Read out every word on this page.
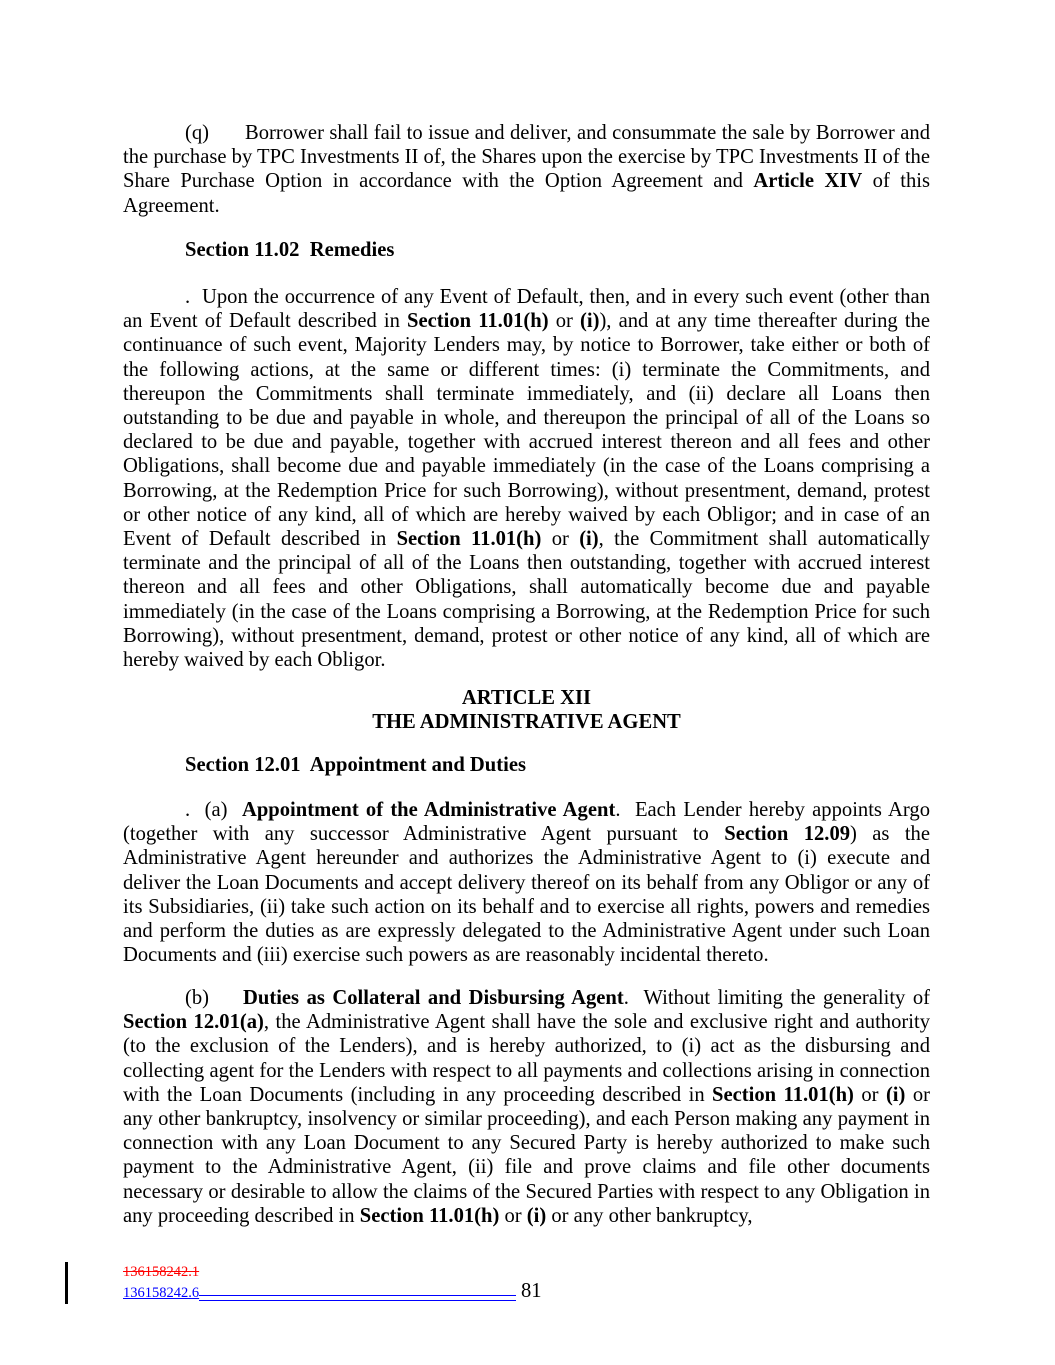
(q) Borrower shall fail to issue and deliver, and consummate the sale by Borrower and the purchase by TPC Investments II of, the Shares upon the exercise by TPC Investments II of the Share Purchase Option in accordance with the Option Agreement and Article XIV of this Agreement.
Section 11.02  Remedies
.  Upon the occurrence of any Event of Default, then, and in every such event (other than an Event of Default described in Section 11.01(h) or (i)), and at any time thereafter during the continuance of such event, Majority Lenders may, by notice to Borrower, take either or both of the following actions, at the same or different times: (i) terminate the Commitments, and thereupon the Commitments shall terminate immediately, and (ii) declare all Loans then outstanding to be due and payable in whole, and thereupon the principal of all of the Loans so declared to be due and payable, together with accrued interest thereon and all fees and other Obligations, shall become due and payable immediately (in the case of the Loans comprising a Borrowing, at the Redemption Price for such Borrowing), without presentment, demand, protest or other notice of any kind, all of which are hereby waived by each Obligor; and in case of an Event of Default described in Section 11.01(h) or (i), the Commitment shall automatically terminate and the principal of all of the Loans then outstanding, together with accrued interest thereon and all fees and other Obligations, shall automatically become due and payable immediately (in the case of the Loans comprising a Borrowing, at the Redemption Price for such Borrowing), without presentment, demand, protest or other notice of any kind, all of which are hereby waived by each Obligor.
ARTICLE XII
THE ADMINISTRATIVE AGENT
Section 12.01  Appointment and Duties
.  (a)  Appointment of the Administrative Agent.  Each Lender hereby appoints Argo (together with any successor Administrative Agent pursuant to Section 12.09) as the Administrative Agent hereunder and authorizes the Administrative Agent to (i) execute and deliver the Loan Documents and accept delivery thereof on its behalf from any Obligor or any of its Subsidiaries, (ii) take such action on its behalf and to exercise all rights, powers and remedies and perform the duties as are expressly delegated to the Administrative Agent under such Loan Documents and (iii) exercise such powers as are reasonably incidental thereto.
(b) Duties as Collateral and Disbursing Agent.  Without limiting the generality of Section 12.01(a), the Administrative Agent shall have the sole and exclusive right and authority (to the exclusion of the Lenders), and is hereby authorized, to (i) act as the disbursing and collecting agent for the Lenders with respect to all payments and collections arising in connection with the Loan Documents (including in any proceeding described in Section 11.01(h) or (i) or any other bankruptcy, insolvency or similar proceeding), and each Person making any payment in connection with any Loan Document to any Secured Party is hereby authorized to make such payment to the Administrative Agent, (ii) file and prove claims and file other documents necessary or desirable to allow the claims of the Secured Parties with respect to any Obligation in any proceeding described in Section 11.01(h) or (i) or any other bankruptcy,
136158242.1
136158242.6	81
